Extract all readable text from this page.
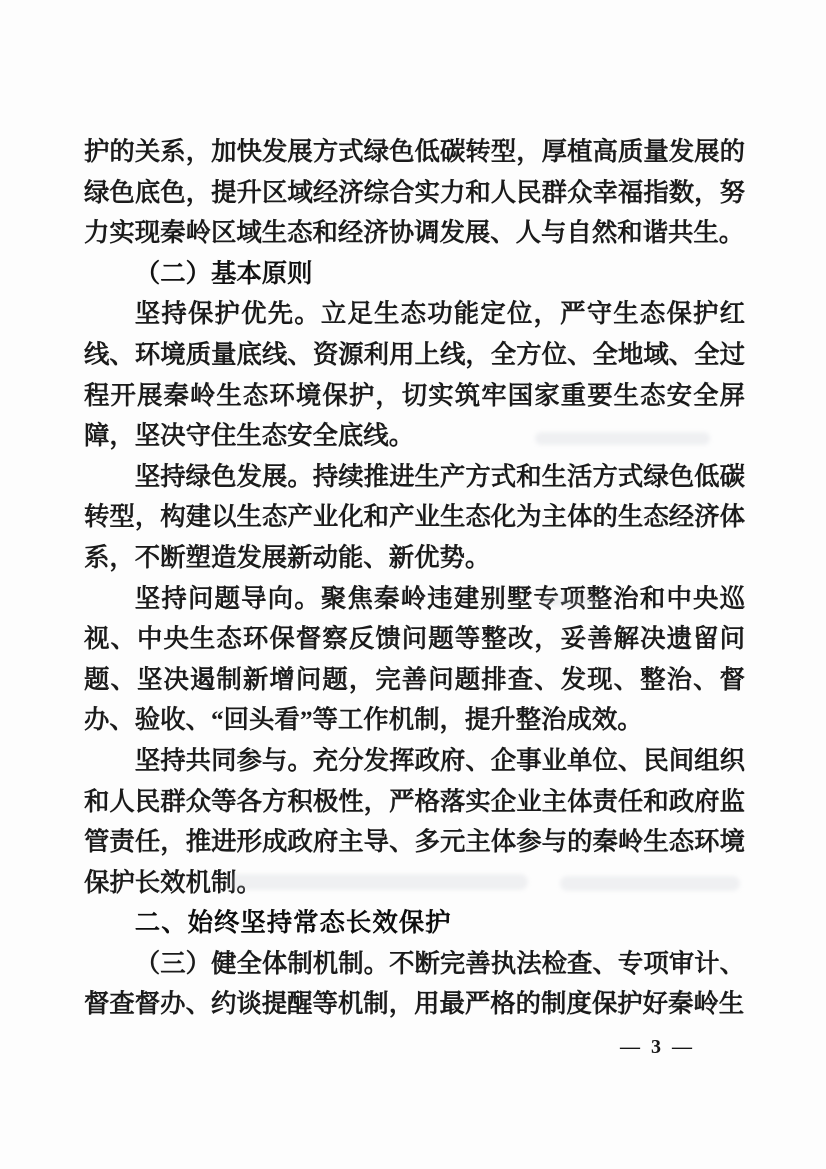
护的关系，加快发展方式绿色低碳转型，厚植高质量发展的绿色底色，提升区域经济综合实力和人民群众幸福指数，努力实现秦岭区域生态和经济协调发展、人与自然和谐共生。

（二）基本原则

坚持保护优先。立足生态功能定位，严守生态保护红线、环境质量底线、资源利用上线，全方位、全地域、全过程开展秦岭生态环境保护，切实筑牢国家重要生态安全屏障，坚决守住生态安全底线。

坚持绿色发展。持续推进生产方式和生活方式绿色低碳转型，构建以生态产业化和产业生态化为主体的生态经济体系，不断塑造发展新动能、新优势。

坚持问题导向。聚焦秦岭违建别墅专项整治和中央巡视、中央生态环保督察反馈问题等整改，妥善解决遗留问题、坚决遏制新增问题，完善问题排查、发现、整治、督办、验收、“回头看”等工作机制，提升整治成效。

坚持共同参与。充分发挥政府、企事业单位、民间组织和人民群众等各方积极性，严格落实企业主体责任和政府监管责任，推进形成政府主导、多元主体参与的秦岭生态环境保护长效机制。

二、始终坚持常态长效保护

（三）健全体制机制。不断完善执法检查、专项审计、督查督办、约谈提醒等机制，用最严格的制度保护好秦岭生

— 3 —
